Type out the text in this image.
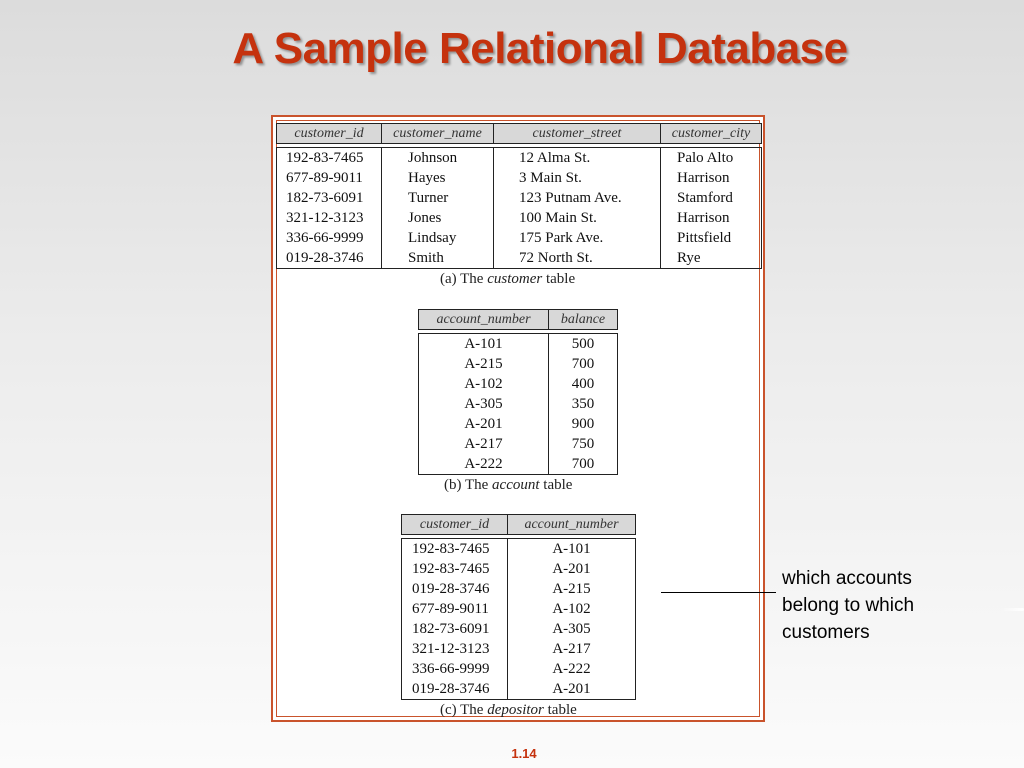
A Sample Relational Database
customer_id	customer_name	customer_street	customer_city

192-83-7465	Johnson	12 Alma St.	Palo Alto
677-89-9011	Hayes	3 Main St.	Harrison
182-73-6091	Turner	123 Putnam Ave.	Stamford
321-12-3123	Jones	100 Main St.	Harrison
336-66-9999	Lindsay	175 Park Ave.	Pittsfield
019-28-3746	Smith	72 North St.	Rye
(a) The customer table
account_number	balance

A-101	500
A-215	700
A-102	400
A-305	350
A-201	900
A-217	750
A-222	700
(b) The account table
customer_id	account_number

192-83-7465	A-101
192-83-7465	A-201
019-28-3746	A-215
677-89-9011	A-102
182-73-6091	A-305
321-12-3123	A-217
336-66-9999	A-222
019-28-3746	A-201
(c) The depositor table
which accounts
belong to which
customers
1.14
